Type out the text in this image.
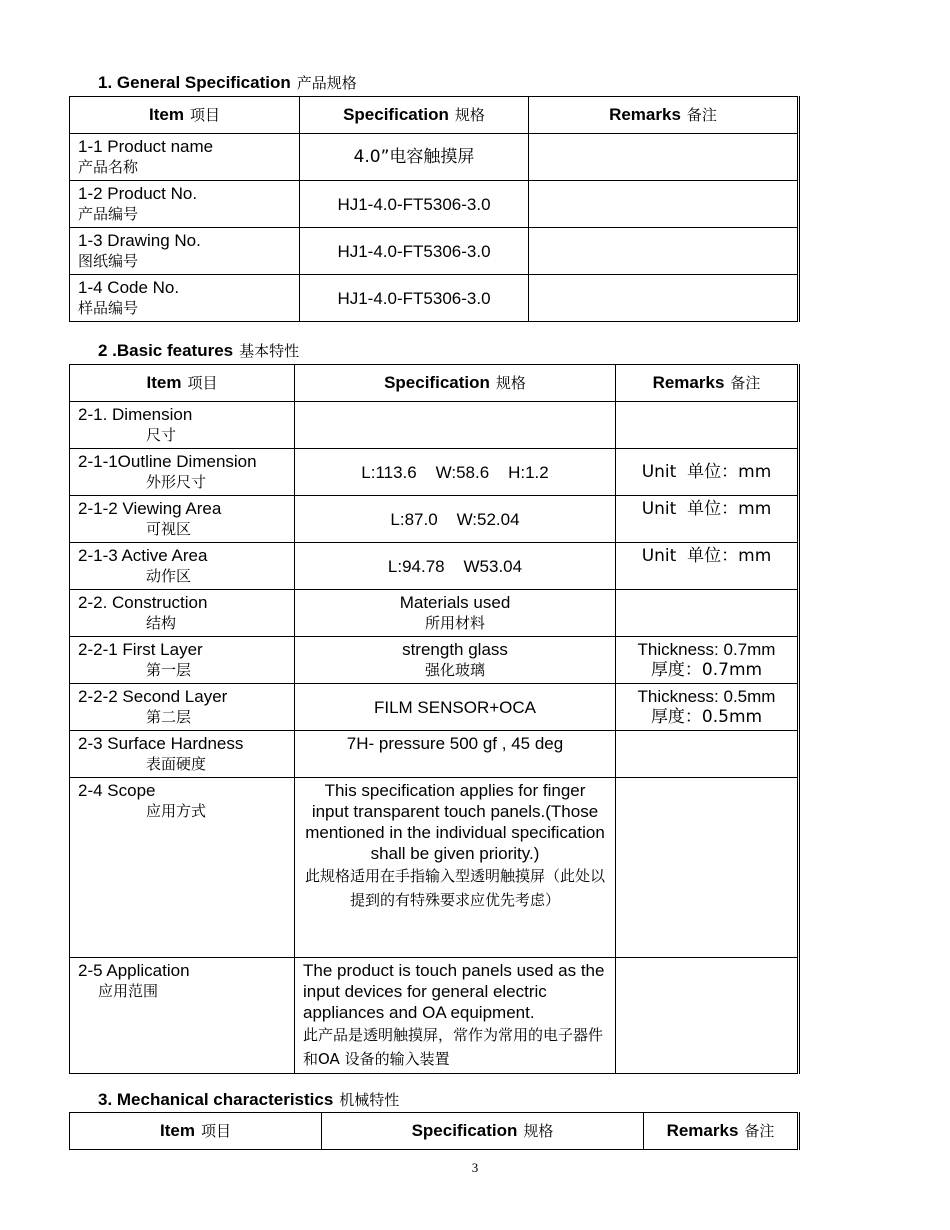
1. General Specification 产品规格
Item 项目	Specification 规格	Remarks 备注

1-1 Product name
产品名称	4.0”电容触摸屏	

1-2 Product No.
产品编号	HJ1-4.0-FT5306-3.0	

1-3 Drawing No.
图纸编号	HJ1-4.0-FT5306-3.0	

1-4 Code No.
样品编号	HJ1-4.0-FT5306-3.0	
2 .Basic features 基本特性
Item 项目	Specification 规格	Remarks 备注

2-1. Dimension
尺寸		

2-1-1Outline Dimension
外形尺寸	L:113.6    W:58.6    H:1.2	Unit  单位：mm

2-1-2 Viewing Area
可视区	L:87.0    W:52.04	Unit  单位：mm

2-1-3 Active Area
动作区	L:94.78    W53.04	Unit  单位：mm

2-2. Construction
结构	Materials used
所用材料	

2-2-1 First Layer
第一层	strength glass
强化玻璃	Thickness: 0.7mm
厚度：0.7mm

2-2-2 Second Layer
第二层	FILM SENSOR+OCA	Thickness: 0.5mm
厚度：0.5mm

2-3 Surface Hardness
表面硬度	7H- pressure 500 gf , 45 deg	

2-4 Scope
应用方式	This specification applies for finger input transparent touch panels.(Those mentioned in the individual specification shall be given priority.)
此规格适用在手指输入型透明触摸屏（此处以提到的有特殊要求应优先考虑）	

2-5 Application
应用范围	The product is touch panels used as the input devices for general electric appliances and OA equipment.
此产品是透明触摸屏，常作为常用的电子器件和OA 设备的输入装置	

3. Mechanical characteristics 机械特性
Item 项目	Specification 规格	Remarks 备注
3
